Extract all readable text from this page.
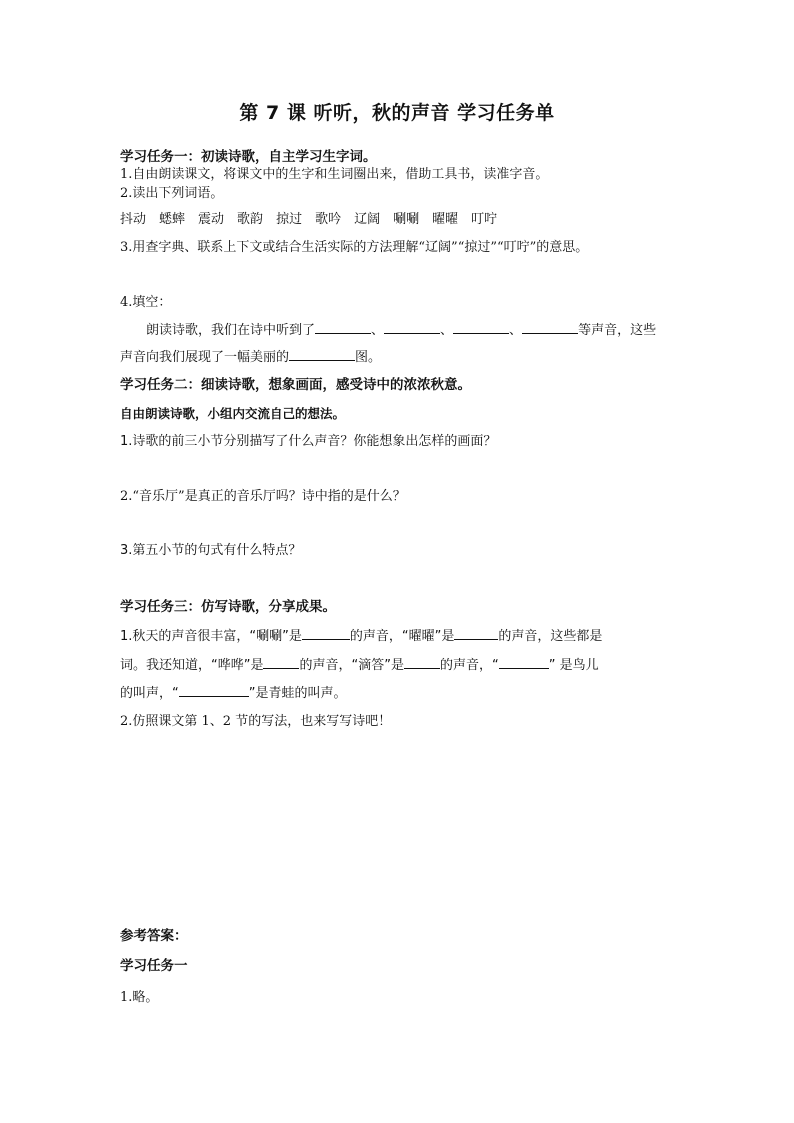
第 7 课 听听，秋的声音 学习任务单
学习任务一：初读诗歌，自主学习生字词。
1.自由朗读课文，将课文中的生字和生词圈出来，借助工具书，读准字音。
2.读出下列词语。
抖动 蟋蟀 震动 歌韵 掠过 歌吟 辽阔 唰唰 曜曜 叮咛
3.用查字典、联系上下文或结合生活实际的方法理解“辽阔”“掠过”“叮咛”的意思。
4.填空：
朗读诗歌，我们在诗中听到了	、	、	、	等声音，这些
声音向我们展现了一幅美丽的	图。
学习任务二：细读诗歌，想象画面，感受诗中的浓浓秋意。
自由朗读诗歌，小组内交流自己的想法。
1.诗歌的前三小节分别描写了什么声音？你能想象出怎样的画面？
2.“音乐厅”是真正的音乐厅吗？诗中指的是什么？
3.第五小节的句式有什么特点？
学习任务三：仿写诗歌，分享成果。
1.秋天的声音很丰富，“唰唰”是	的声音，“曜曜”是	的声音，这些都是
词。我还知道，“哗哗”是	的声音，“滴答”是	的声音，“	” 是鸟儿
的叫声，“	”是青蛙的叫声。
2.仿照课文第 1、2 节的写法，也来写写诗吧！
参考答案：
学习任务一
1.略。
